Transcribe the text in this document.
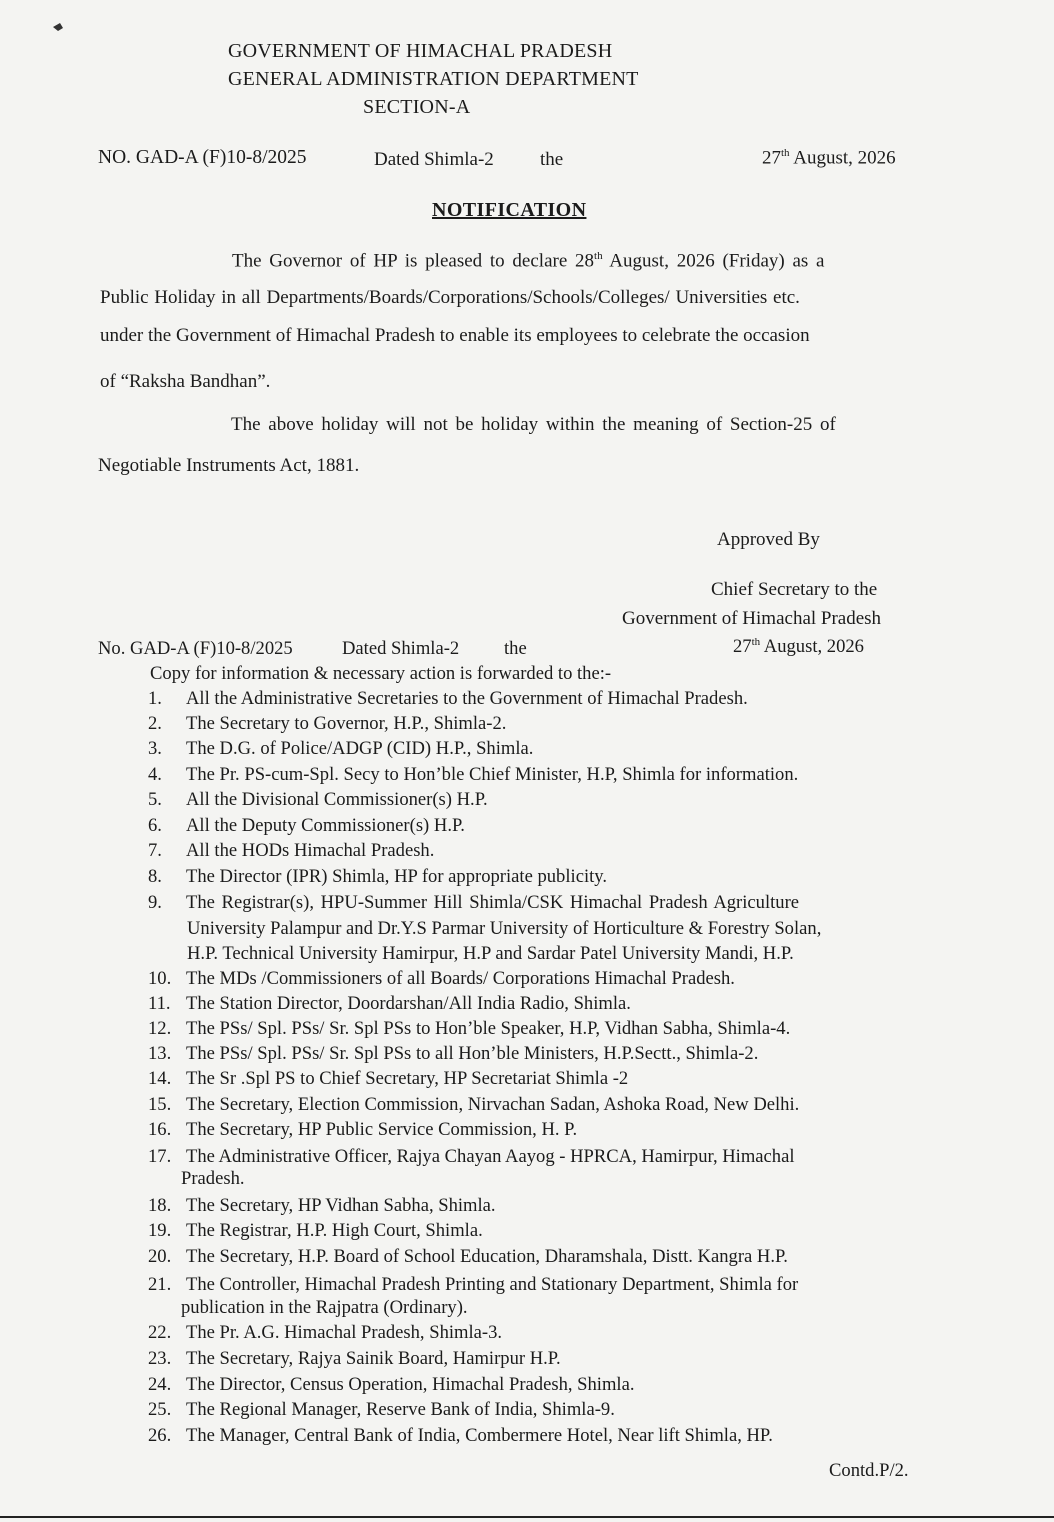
GOVERNMENT OF HIMACHAL PRADESH
GENERAL ADMINISTRATION DEPARTMENT
SECTION-A
NO. GAD-A (F)10-8/2025	Dated Shimla-2 the	27th August, 2026
NOTIFICATION
The Governor of HP is pleased to declare 28th August, 2026 (Friday) as a
Public Holiday in all Departments/Boards/Corporations/Schools/Colleges/ Universities etc.
under the Government of Himachal Pradesh to enable its employees to celebrate the occasion
of “Raksha Bandhan”.
The above holiday will not be holiday within the meaning of Section-25 of
Negotiable Instruments Act, 1881.
Approved By
Chief Secretary to the
Government of Himachal Pradesh
No. GAD-A (F)10-8/2025	Dated Shimla-2 the	27th August, 2026
Copy for information & necessary action is forwarded to the:-
1. All the Administrative Secretaries to the Government of Himachal Pradesh.
2. The Secretary to Governor, H.P., Shimla-2.
3. The D.G. of Police/ADGP (CID) H.P., Shimla.
4. The Pr. PS-cum-Spl. Secy to Hon’ble Chief Minister, H.P, Shimla for information.
5. All the Divisional Commissioner(s) H.P.
6. All the Deputy Commissioner(s) H.P.
7. All the HODs Himachal Pradesh.
8. The Director (IPR) Shimla, HP for appropriate publicity.
9. The Registrar(s), HPU-Summer Hill Shimla/CSK Himachal Pradesh Agriculture
University Palampur and Dr.Y.S Parmar University of Horticulture & Forestry Solan,
H.P. Technical University Hamirpur, H.P and Sardar Patel University Mandi, H.P.
10. The MDs /Commissioners of all Boards/ Corporations Himachal Pradesh.
11. The Station Director, Doordarshan/All India Radio, Shimla.
12. The PSs/ Spl. PSs/ Sr. Spl PSs to Hon’ble Speaker, H.P, Vidhan Sabha, Shimla-4.
13. The PSs/ Spl. PSs/ Sr. Spl PSs to all Hon’ble Ministers, H.P.Sectt., Shimla-2.
14. The Sr .Spl PS to Chief Secretary, HP Secretariat Shimla -2
15. The Secretary, Election Commission, Nirvachan Sadan, Ashoka Road, New Delhi.
16. The Secretary, HP Public Service Commission, H. P.
17. The Administrative Officer, Rajya Chayan Aayog - HPRCA, Hamirpur, Himachal
Pradesh.
18. The Secretary, HP Vidhan Sabha, Shimla.
19. The Registrar, H.P. High Court, Shimla.
20. The Secretary, H.P. Board of School Education, Dharamshala, Distt. Kangra H.P.
21. The Controller, Himachal Pradesh Printing and Stationary Department, Shimla for
publication in the Rajpatra (Ordinary).
22. The Pr. A.G. Himachal Pradesh, Shimla-3.
23. The Secretary, Rajya Sainik Board, Hamirpur H.P.
24. The Director, Census Operation, Himachal Pradesh, Shimla.
25. The Regional Manager, Reserve Bank of India, Shimla-9.
26. The Manager, Central Bank of India, Combermere Hotel, Near lift Shimla, HP.
Contd.P/2.
